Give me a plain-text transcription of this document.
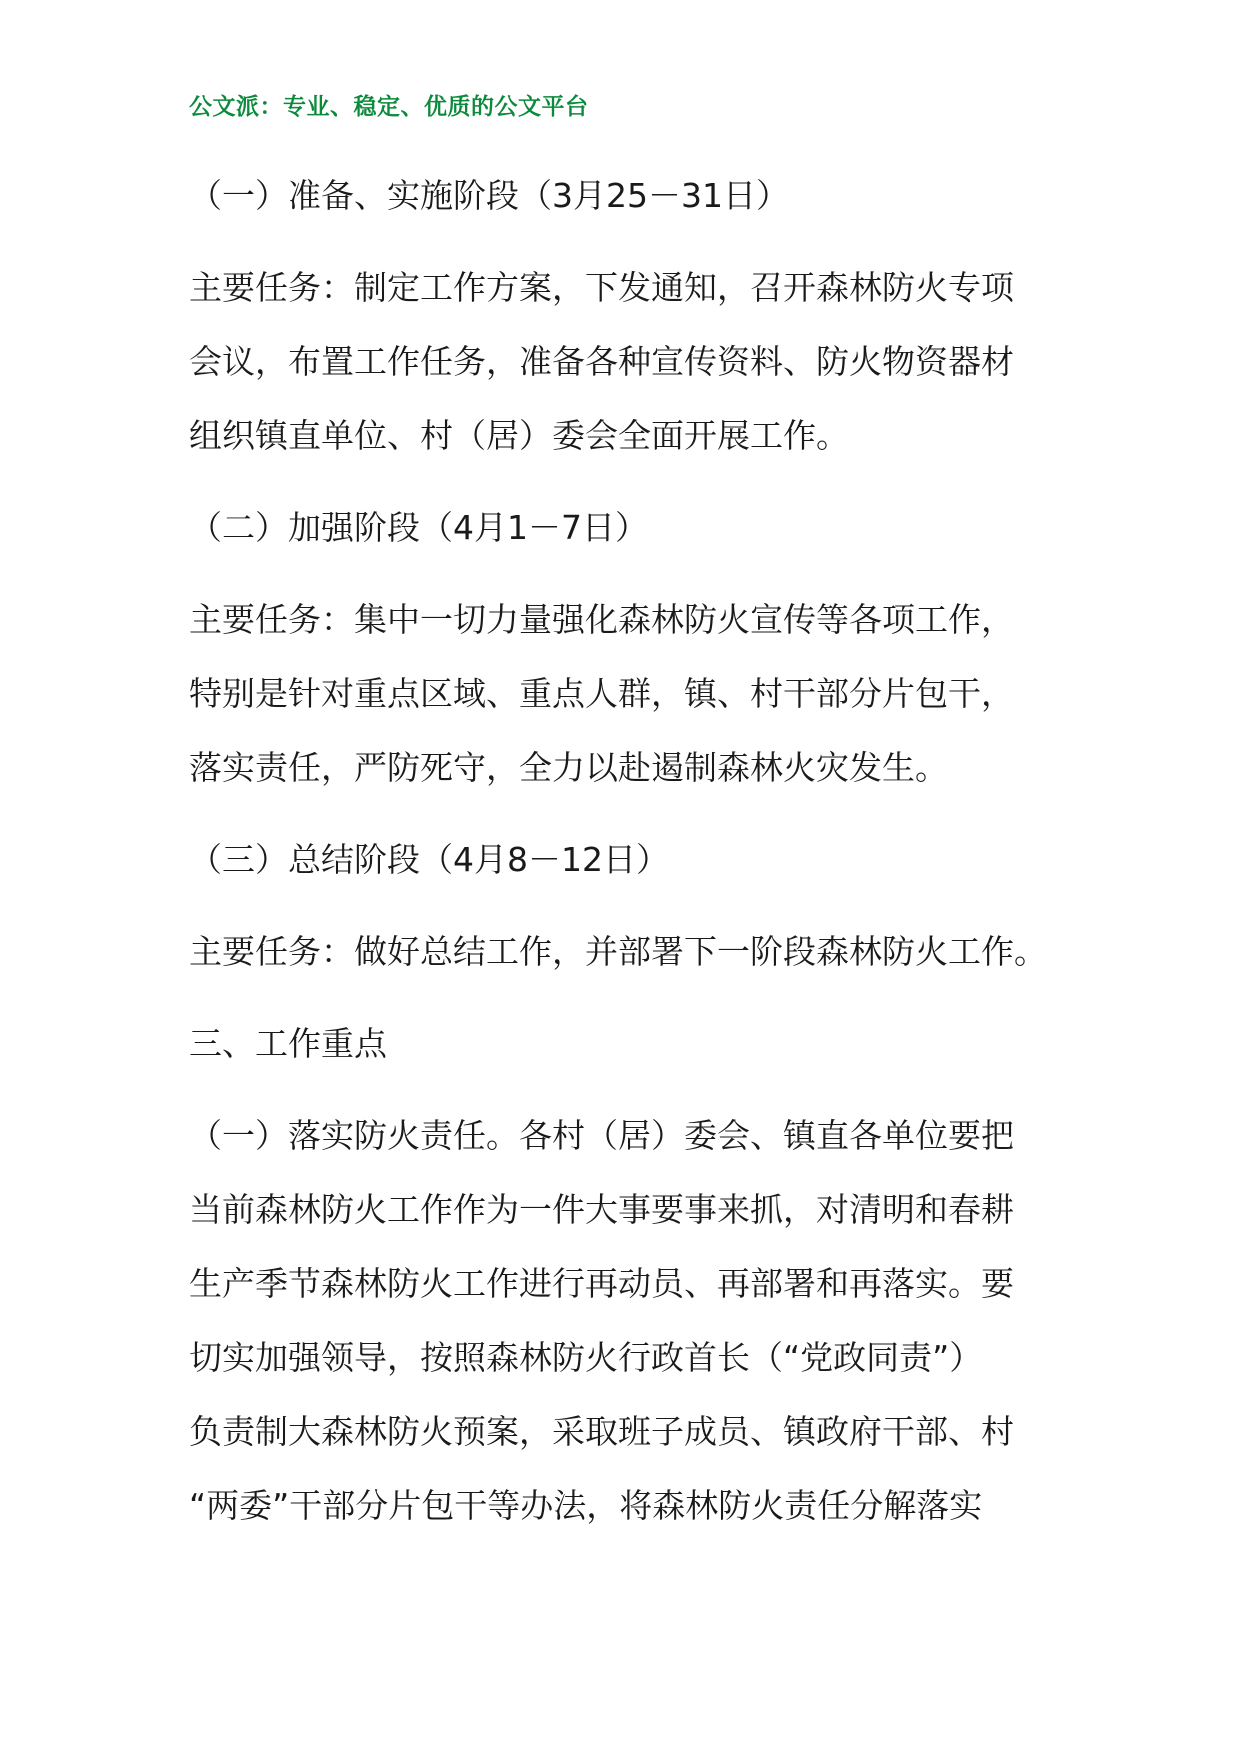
公文派：专业、稳定、优质的公文平台
（一）准备、实施阶段（3月25－31日）
主要任务：制定工作方案，下发通知，召开森林防火专项
会议，布置工作任务，准备各种宣传资料、防火物资器材
组织镇直单位、村（居）委会全面开展工作。
（二）加强阶段（4月1－7日）
主要任务：集中一切力量强化森林防火宣传等各项工作，
特别是针对重点区域、重点人群，镇、村干部分片包干，
落实责任，严防死守，全力以赴遏制森林火灾发生。
（三）总结阶段（4月8－12日）
主要任务：做好总结工作，并部署下一阶段森林防火工作。
三、工作重点
（一）落实防火责任。各村（居）委会、镇直各单位要把
当前森林防火工作作为一件大事要事来抓，对清明和春耕
生产季节森林防火工作进行再动员、再部署和再落实。要
切实加强领导，按照森林防火行政首长（“党政同责”）
负责制大森林防火预案，采取班子成员、镇政府干部、村
“两委”干部分片包干等办法，将森林防火责任分解落实
